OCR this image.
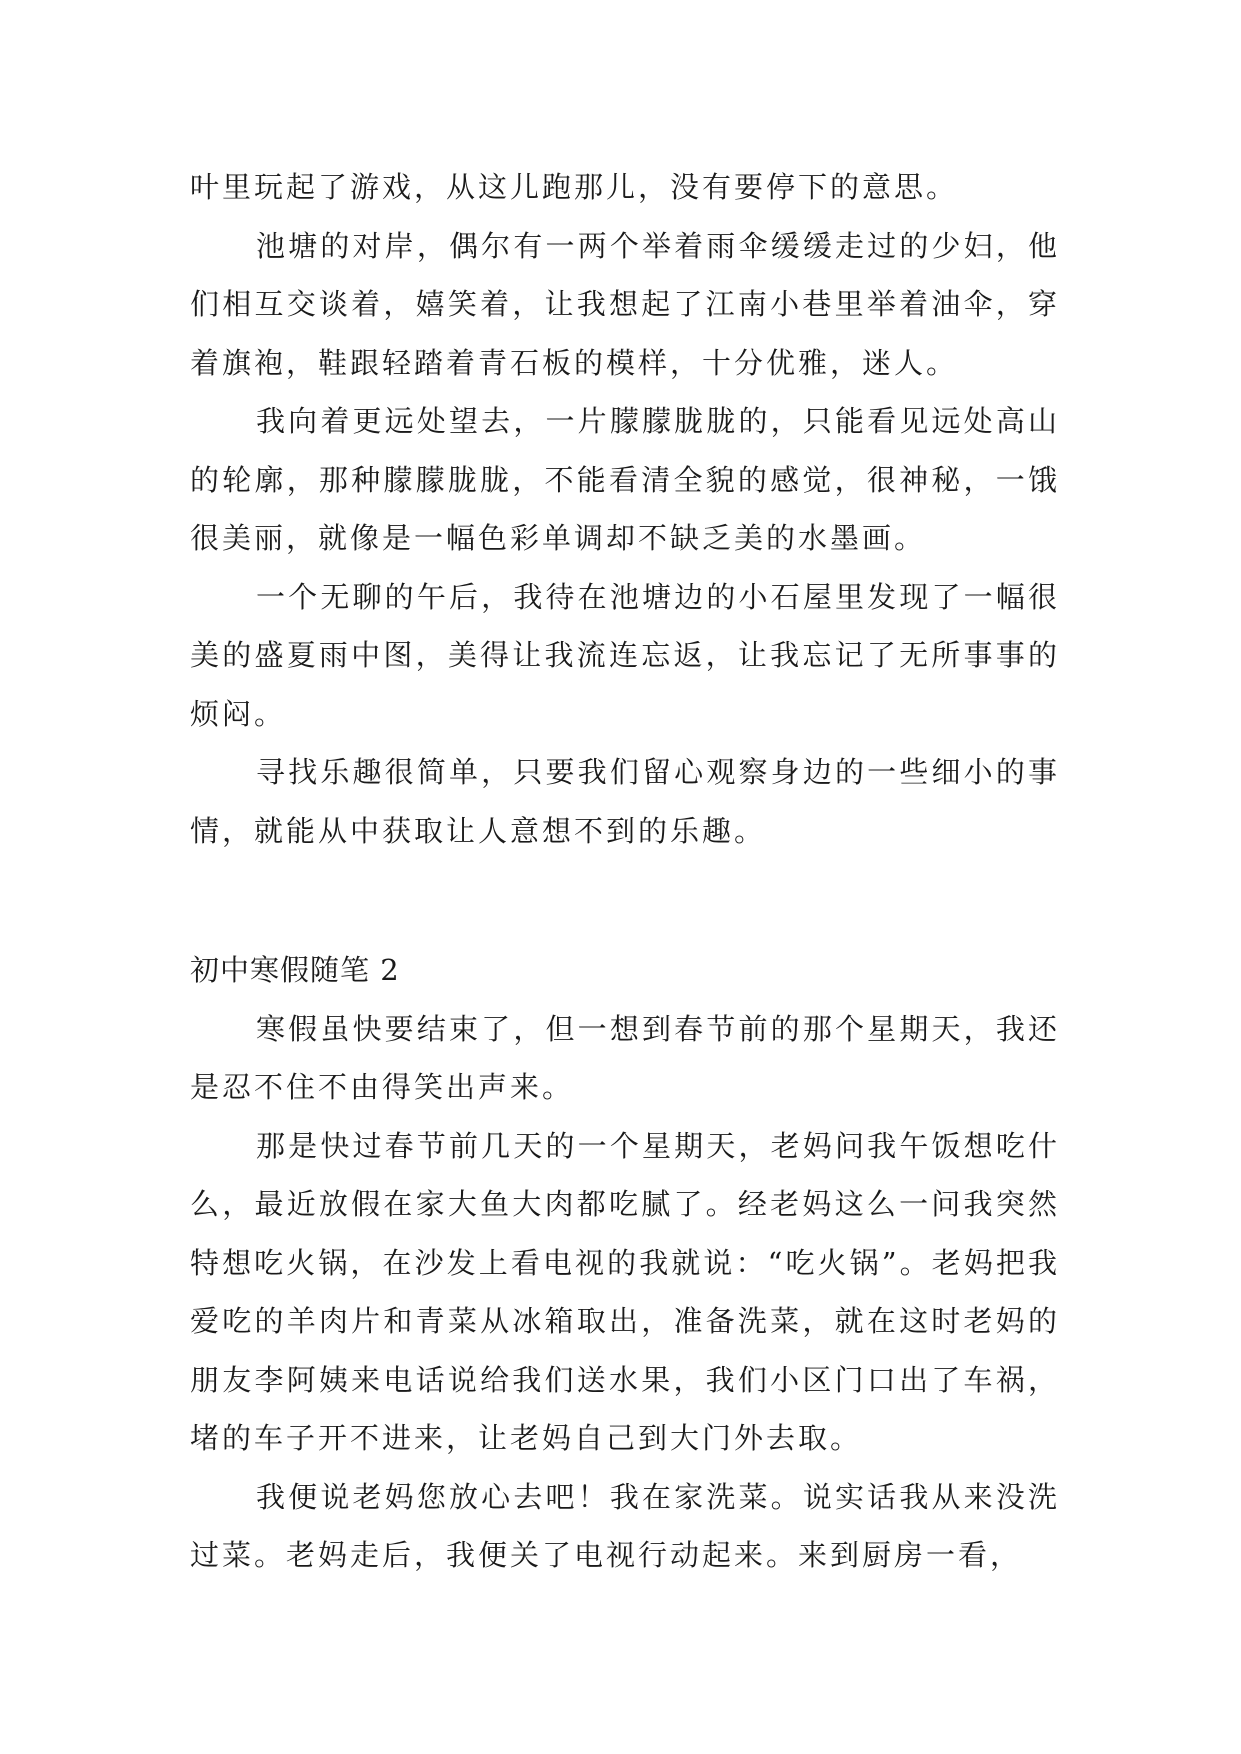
叶里玩起了游戏，从这儿跑那儿，没有要停下的意思。

池塘的对岸，偶尔有一两个举着雨伞缓缓走过的少妇，他们相互交谈着，嬉笑着，让我想起了江南小巷里举着油伞，穿着旗袍，鞋跟轻踏着青石板的模样，十分优雅，迷人。

我向着更远处望去，一片朦朦胧胧的，只能看见远处高山的轮廓，那种朦朦胧胧，不能看清全貌的感觉，很神秘，一饿很美丽，就像是一幅色彩单调却不缺乏美的水墨画。

一个无聊的午后，我待在池塘边的小石屋里发现了一幅很美的盛夏雨中图，美得让我流连忘返，让我忘记了无所事事的烦闷。

寻找乐趣很简单，只要我们留心观察身边的一些细小的事情，就能从中获取让人意想不到的乐趣。

初中寒假随笔 2

寒假虽快要结束了，但一想到春节前的那个星期天，我还是忍不住不由得笑出声来。

那是快过春节前几天的一个星期天，老妈问我午饭想吃什么，最近放假在家大鱼大肉都吃腻了。经老妈这么一问我突然特想吃火锅，在沙发上看电视的我就说：“吃火锅”。老妈把我爱吃的羊肉片和青菜从冰箱取出，准备洗菜，就在这时老妈的朋友李阿姨来电话说给我们送水果，我们小区门口出了车祸，堵的车子开不进来，让老妈自己到大门外去取。

我便说老妈您放心去吧！我在家洗菜。说实话我从来没洗过菜。老妈走后，我便关了电视行动起来。来到厨房一看，
